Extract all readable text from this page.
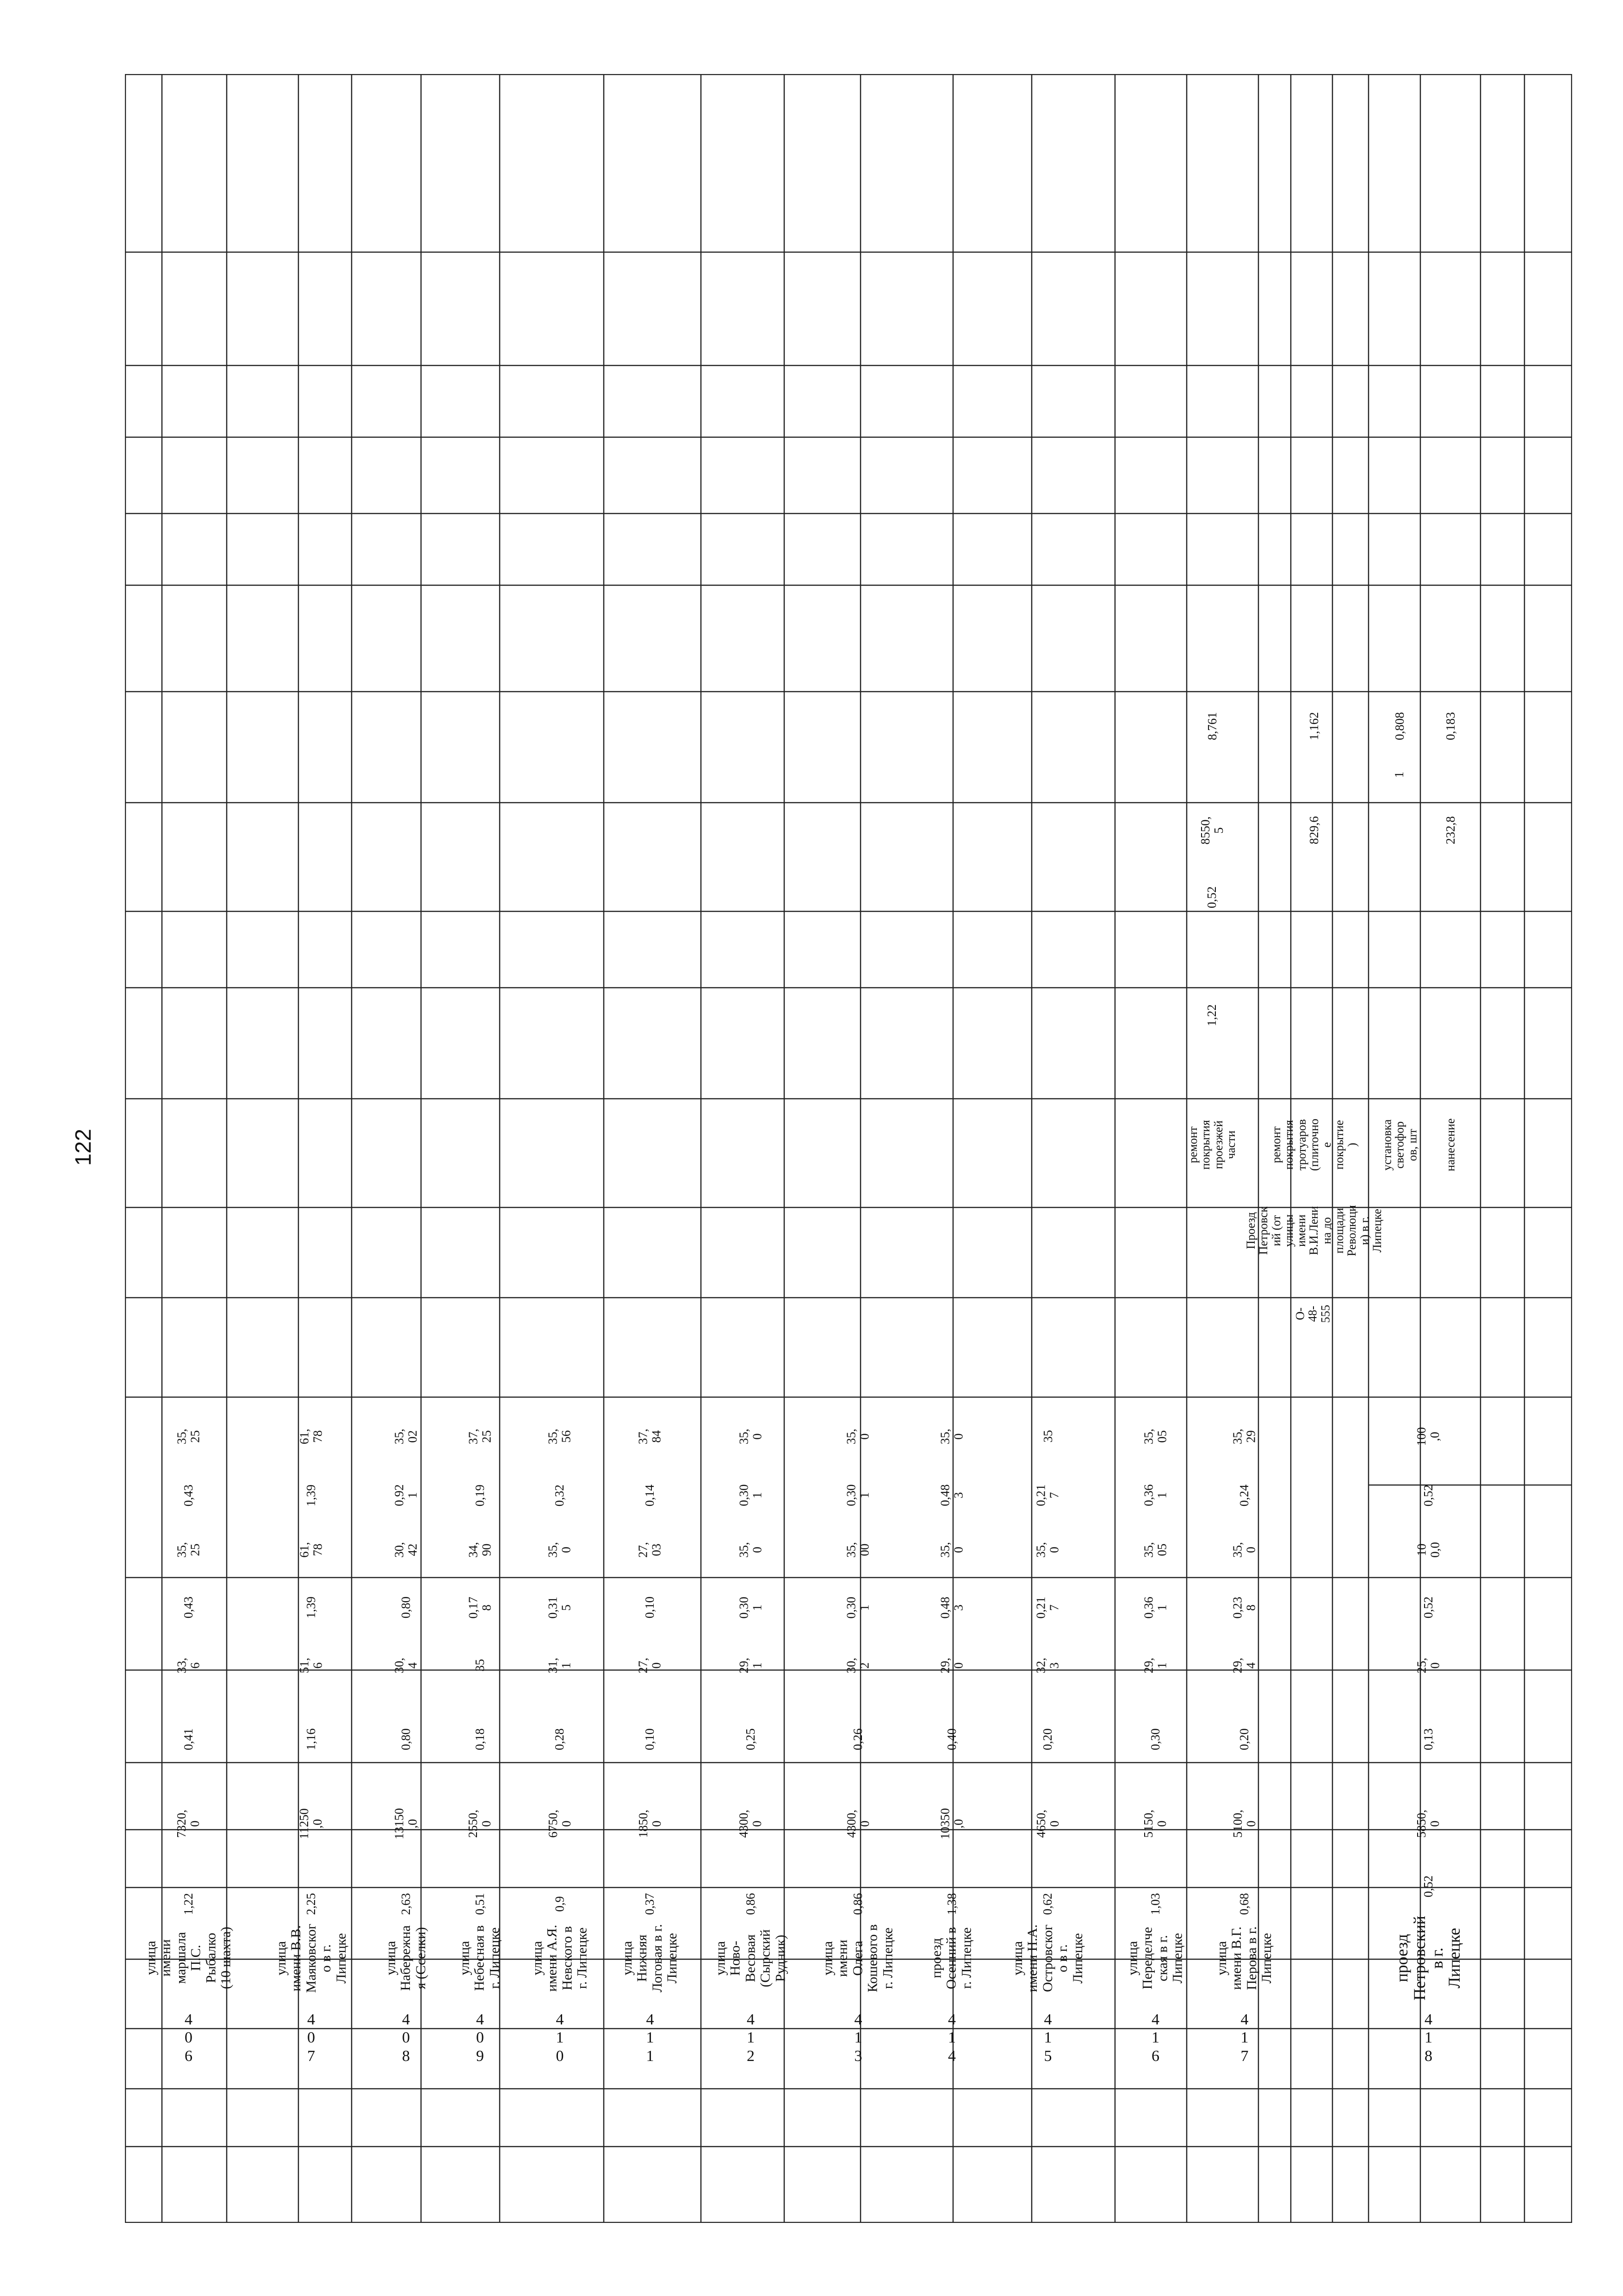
122
4
0
6
улица
имени
маршала
П.С.
Рыбалко
(10 шахта)
1,22
7320,
0
0,41
33,
6
0,43
35,
25
0,43
35,
25
4
0
7
улица
имени В.В.
Маяковског
о в г.
Липецке
2,25
11250
,0
1,16
51,
6
1,39
61,
78
1,39
61,
78
4
0
8
улица
Набережна
я (Сселки)
2,63
13150
,0
0,80
30,
4
0,80
30,
42
0,92
1
35,
02
4
0
9
улица
Небесная в
г. Липецке
0,51
2550,
0
0,18
35
0,17
8
34,
90
0,19
37,
25
4
1
0
улица
имени А.Я.
Невского в
г. Липецке
0,9
6750,
0
0,28
31,
1
0,31
5
35,
0
0,32
35,
56
4
1
1
улица
Нижняя
Логовая в г.
Липецке
0,37
1850,
0
0,10
27,
0
0,10
27,
03
0,14
37,
84
4
1
2
улица
Ново-
Весовая
(Сырский
Рудник)
0,86
4300,
0
0,25
29,
1
0,30
1
35,
0
0,30
1
35,
0
4
1
3
улица
имени
Олега
Кошевого в
г. Липецке
0,86
4300,
0
0,26
30,
2
0,30
1
35,
00
0,30
1
35,
0
4
1
4
проезд
Осенний в
г. Липецке
1,38
10350
,0
0,40
29,
0
0,48
3
35,
0
0,48
3
35,
0
4
1
5
улица
имени Н.А.
Островског
о в г.
Липецке
0,62
4650,
0
0,20
32,
3
0,21
7
35,
0
0,21
7
35
4
1
6
улица
Переделче
ская в г.
Липецке
1,03
5150,
0
0,30
29,
1
0,36
1
35,
05
0,36
1
35,
05
4
1
7
улица
имени В.Г.
Перова в г.
Липецке
0,68
5100,
0
0,20
29,
4
0,23
8
35,
0
0,24
35,
29
4
1
8
проезд
Петровский
в г.
Липецке
0,52
5850,
0
0,13
25,
0
0,52
10
0,0
0,52
100
,0
О-
48-
555
Проезд
Петровск
ий (от
улицы
имени
В.И.Лени
на до
площади
Революци
и) в г.
Липецке
ремонт
покрытия
проезжей
части
1,22
0,52
8550,
5
8,761
ремонт
покрытия
тротуаров
(плиточно
е
покрытие
)
829,6
1,162
установка
светофор
ов, шт
1
0,808
нанесение
232,8
0,183
